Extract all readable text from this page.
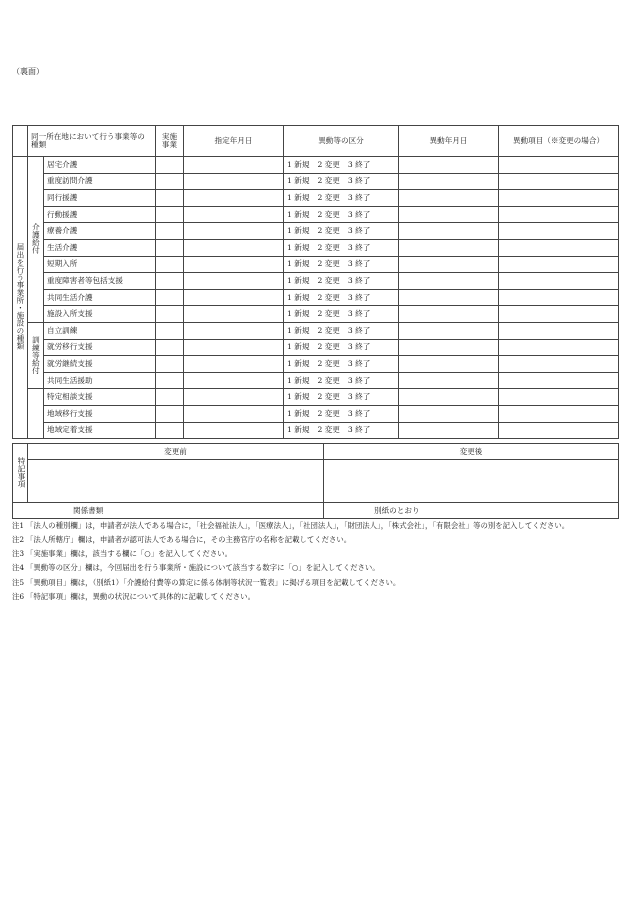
（裏面）
	同一所在地において行う事業等の種類		実施事業	指定年月日	異動等の区分	異動年月日	異動項目（※変更の場合）
届出を行う事業所・施設の種類	介護給付	居宅介護			1 新規 2 変更 3 終了		
		重度訪問介護			1 新規 2 変更 3 終了		
		同行援護			1 新規 2 変更 3 終了		
		行動援護			1 新規 2 変更 3 終了		
		療養介護			1 新規 2 変更 3 終了		
		生活介護			1 新規 2 変更 3 終了		
		短期入所			1 新規 2 変更 3 終了		
		重度障害者等包括支援			1 新規 2 変更 3 終了		
		共同生活介護			1 新規 2 変更 3 終了		
		施設入所支援			1 新規 2 変更 3 終了		
	訓練等給付	自立訓練			1 新規 2 変更 3 終了		
		就労移行支援			1 新規 2 変更 3 終了		
		就労継続支援			1 新規 2 変更 3 終了		
		共同生活援助			1 新規 2 変更 3 終了		
		特定相談支援			1 新規 2 変更 3 終了		
		地域移行支援			1 新規 2 変更 3 終了		
		地域定着支援			1 新規 2 変更 3 終了		
特記事項	変更前	変更後

関係書類		別紙のとおり
注1 「法人の種別欄」は，申請者が法人である場合に，「社会福祉法人」，「医療法人」，「社団法人」，「財団法人」，「株式会社」，「有限会社」等の別を記入してください。
注2 「法人所轄庁」欄は，申請者が認可法人である場合に，その主務官庁の名称を記載してください。
注3 「実施事業」欄は，該当する欄に「○」を記入してください。
注4 「異動等の区分」欄は，今回届出を行う事業所・施設について該当する数字に「○」を記入してください。
注5 「異動項目」欄は，（別紙1）「介護給付費等の算定に係る体制等状況一覧表」に掲げる項目を記載してください。
注6 「特記事項」欄は，異動の状況について具体的に記載してください。
